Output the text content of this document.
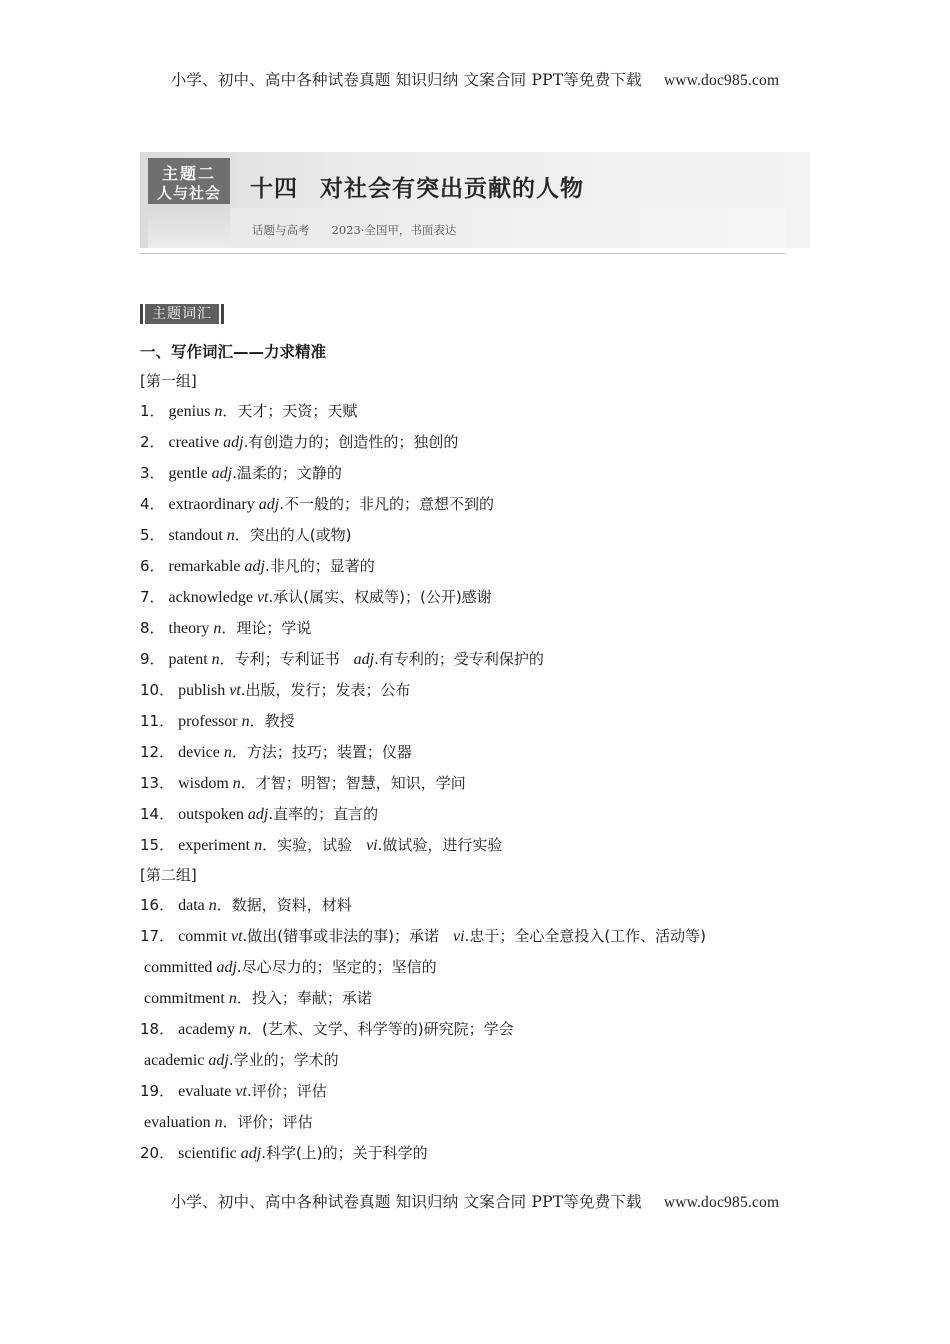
小学、初中、高中各种试卷真题 知识归纳 文案合同 PPT等免费下载 www.doc985.com
主题二
人与社会	十四 对社会有突出贡献的人物
话题与高考 2023·全国甲，书面表达
主题词汇
一、写作词汇——力求精准
[第一组]
1． genius n．天才；天资；天赋
2． creative adj.有创造力的；创造性的；独创的
3． gentle adj.温柔的；文静的
4． extraordinary adj.不一般的；非凡的；意想不到的
5． standout n．突出的人(或物)
6． remarkable adj.非凡的；显著的
7． acknowledge vt.承认(属实、权威等)；(公开)感谢
8． theory n．理论；学说
9． patent n．专利；专利证书 adj.有专利的；受专利保护的
10． publish vt.出版，发行；发表；公布
11． professor n．教授
12． device n．方法；技巧；装置；仪器
13． wisdom n．才智；明智；智慧，知识，学问
14． outspoken adj.直率的；直言的
15． experiment n．实验，试验 vi.做试验，进行实验
[第二组]
16． data n．数据，资料，材料
17． commit vt.做出(错事或非法的事)；承诺 vi.忠于；全心全意投入(工作、活动等)
committed adj.尽心尽力的；坚定的；坚信的
commitment n．投入；奉献；承诺
18． academy n．(艺术、文学、科学等的)研究院；学会
academic adj.学业的；学术的
19． evaluate vt.评价；评估
evaluation n．评价；评估
20． scientific adj.科学(上)的；关于科学的
小学、初中、高中各种试卷真题 知识归纳 文案合同 PPT等免费下载 www.doc985.com
